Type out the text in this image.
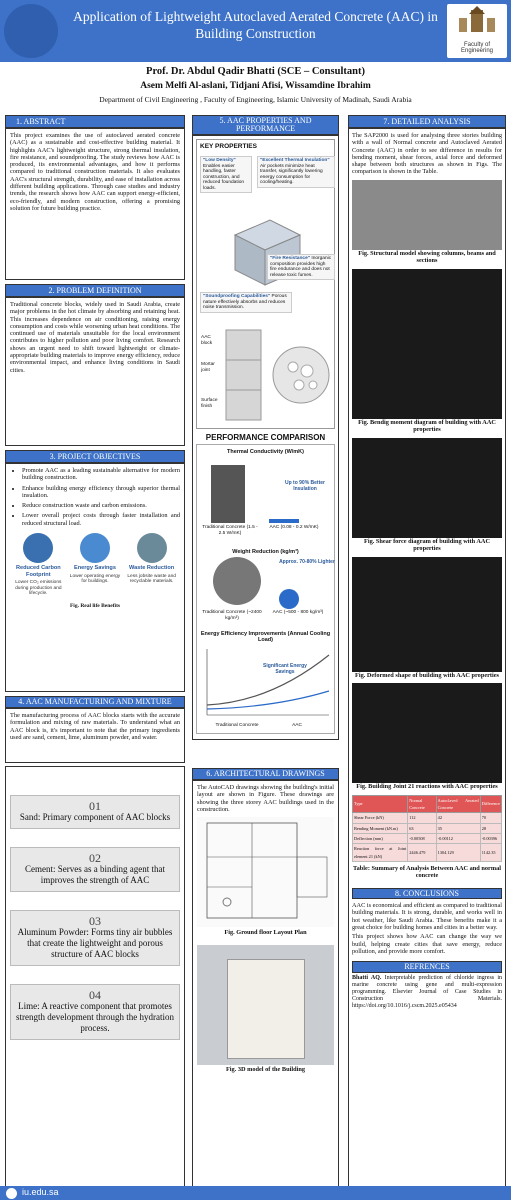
Application of Lightweight Autoclaved Aerated Concrete (AAC) in Building Construction
Faculty of Engineering
Prof. Dr. Abdul Qadir Bhatti (SCE – Consultant)
Asem Melfi Al-aslani, Tidjani Afisi, Wissamdine Ibrahim
Department of Civil Engineering , Faculty of Engineering, Islamic University of Madinah, Saudi Arabia
1. ABSTRACT
This project examines the use of autoclaved aerated concrete (AAC) as a sustainable and cost-effective building material. It highlights AAC's lightweight structure, strong thermal insulation, fire resistance, and soundproofing. The study reviews how AAC is produced, its environmental advantages, and how it performs compared to traditional construction materials. It also evaluates AAC's structural strength, durability, and ease of installation across different building applications. Through case studies and industry trends, the research shows how AAC can support energy-efficient, eco-friendly, and modern construction, offering a promising solution for future building practice.
2. PROBLEM DEFINITION
Traditional concrete blocks, widely used in Saudi Arabia, create major problems in the hot climate by absorbing and retaining heat. This increases dependence on air conditioning, raising energy consumption and costs while worsening urban heat conditions. The continued use of materials unsuitable for the local environment contributes to higher pollution and poor living comfort. Research shows an urgent need to shift toward lightweight or climate-appropriate building materials to improve energy efficiency, reduce environmental impact, and enhance living conditions in Saudi cities.
3. PROJECT OBJECTIVES
• Promote AAC as a leading sustainable alternative for modern building construction.
• Enhance building energy efficiency through superior thermal insulation.
• Reduce construction waste and carbon emissions.
• Lower overall project costs through faster installation and reduced structural load.
Reduced Carbon Footprint
Lower CO₂ emissions during production and lifecycle.
Energy Savings
Lower operating energy for buildings.
Waste Reduction
Less jobsite waste and recyclable materials.
Fig. Real life Benefits
4. AAC MANUFACTURING AND MIXTURE
The manufacturing process of AAC blocks starts with the accurate formulation and mixing of raw materials. To understand what an AAC block is, it's important to note that the primary ingredients used are sand, cement, lime, aluminum powder, and water.
01
Sand: Primary component of AAC blocks
02
Cement: Serves as a binding agent that improves the strength of AAC
03
Aluminum Powder: Forms tiny air bubbles that create the lightweight and porous structure of AAC blocks
04
Lime: A reactive component that promotes strength development through the hydration process.
5. AAC PROPERTIES AND PERFORMANCE
KEY PROPERTIES
"Low Density" Enables easier handling, faster construction, and reduced foundation loads.
"Excellent Thermal Insulation" Air pockets minimize heat transfer, significantly lowering energy consumption for cooling/heating.
"Fire Resistance" Inorganic composition provides high fire endurance and does not release toxic fumes.
"Soundproofing Capabilities" Porous nature effectively absorbs and reduces noise transmission.
AAC block
Mortar joint
Surface finish
PERFORMANCE COMPARISON
Thermal Conductivity (W/mK)
Up to 90% Better Insulation
Traditional Concrete (1.5 - 2.5 W/mK)
AAC (0.08 - 0.2 W/mK)
Weight Reduction (kg/m³)
Approx. 70-80% Lighter
Traditional Concrete (~2400 kg/m³)
AAC (~500 - 800 kg/m³)
Energy Efficiency Improvements (Annual Cooling Load)
Significant Energy Savings
Traditional Concrete	AAC
6. ARCHITECTURAL DRAWINGS
The AutoCAD drawings showing the building's initial layout are shown in Figure. These drawings are showing the three storey AAC buildings used in the construction.
Fig. Ground floor Layout Plan
Fig. 3D model of the Building
7. DETAILED ANALYSIS
The SAP2000 is used for analysing three stories building with a wall of Normal concrete and Autoclaved Aerated Concrete (AAC) in order to see difference in results for bending moment, shear forces, axial force and deformed shape between both structures as shown in Figs. The comparison is shown in the Table.
Fig. Structural model showing columns, beams and sections
Fig. Bendig moment diagram of building with AAC properties
Fig. Shear force diagram of building with AAC properties
Fig. Deformed shape of building with AAC properties
Fig. Building Joint 21 reactions with AAC properties
Type	Normal Concrete	Autoclaved Aerated Concrete	Difference
Shear Force (kN)	112	42	70
Bending Moment (kN.m)	63	35	28
Deflection (mm)	-0.00508	-0.00112	-0.00396
Reaction force at Joint element 21 (kN)	2446.479	1304.129	1142.35
Table: Summary of Analysis Between AAC and normal concrete
8. CONCLUSIONS
AAC is economical and efficient as compared to traditional building materials. It is strong, durable, and works well in hot weather, like Saudi Arabia. These benefits make it a great choice for building homes and cities in a better way.
This project shows how AAC can change the way we build, helping create cities that save energy, reduce pollution, and provide more comfort.
REFRENCES
Bhatti AQ. Interpretable prediction of chloride ingress in marine concrete using gene and multi-expression programming. Elsevier Journal of Case Studies in Construction Materials. https://doi.org/10.1016/j.cscm.2025.e05434
iu.edu.sa
